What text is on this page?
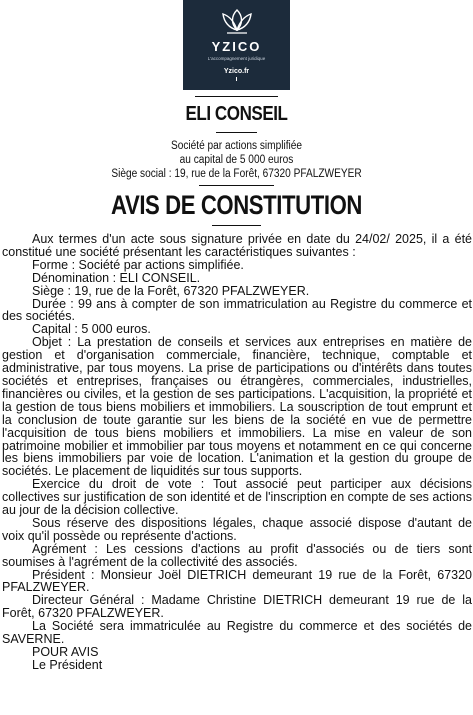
YZICO
L'accompagnement juridique
Yzico.fr
ELI CONSEIL
Société par actions simplifiée
au capital de 5 000 euros
Siège social : 19, rue de la Forêt, 67320 PFALZWEYER
AVIS DE CONSTITUTION

Aux termes d'un acte sous signature privée en date du 24/02/ 2025, il a été constitué une société présentant les caractéristiques suivantes :

Forme : Société par actions simplifiée.

Dénomination : ELI CONSEIL.

Siège : 19, rue de la Forêt, 67320 PFALZWEYER.

Durée : 99 ans à compter de son immatriculation au Registre du commerce et des sociétés.

Capital : 5 000 euros.

Objet : La prestation de conseils et services aux entreprises en matière de gestion et d'organisation commerciale, financière, technique, comptable et administrative, par tous moyens. La prise de participations ou d'intérêts dans toutes sociétés et entreprises, françaises ou étrangères, commerciales, industrielles, financières ou civiles, et la gestion de ses participations. L'acquisition, la propriété et la gestion de tous biens mobiliers et immobiliers. La souscription de tout emprunt et la conclusion de toute garantie sur les biens de la société en vue de permettre l'acquisition de tous biens mobiliers et immobiliers. La mise en valeur de son patrimoine mobilier et immobilier par tous moyens et notamment en ce qui concerne les biens immobiliers par voie de location. L'animation et la gestion du groupe de sociétés. Le placement de liquidités sur tous supports.

Exercice du droit de vote : Tout associé peut participer aux décisions collectives sur justification de son identité et de l'inscription en compte de ses actions au jour de la décision collective.

Sous réserve des dispositions légales, chaque associé dispose d'autant de voix qu'il possède ou représente d'actions.

Agrément : Les cessions d'actions au profit d'associés ou de tiers sont soumises à l'agrément de la collectivité des associés.

Président : Monsieur Joël DIETRICH demeurant 19 rue de la Forêt, 67320 PFALZWEYER.

Directeur Général : Madame Christine DIETRICH demeurant 19 rue de la Forêt, 67320 PFALZWEYER.

La Société sera immatriculée au Registre du commerce et des sociétés de SAVERNE.

POUR AVIS

Le Président
